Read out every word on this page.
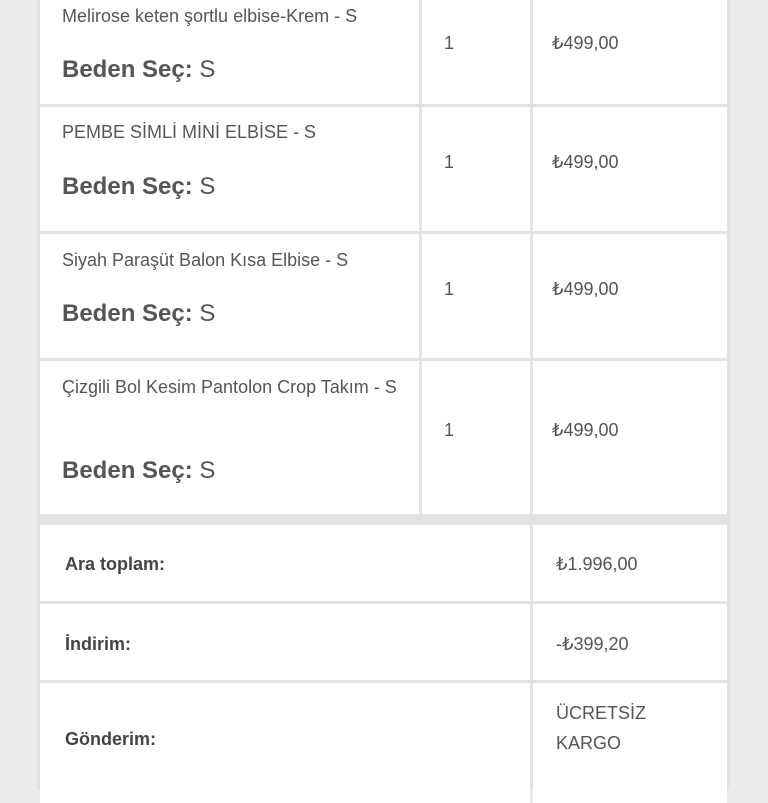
Melirose keten şortlu elbise-Krem - S
Beden Seç: S
1	₺499,00
PEMBE SİMLİ MİNİ ELBİSE - S
Beden Seç: S
1	₺499,00
Siyah Paraşüt Balon Kısa Elbise - S
Beden Seç: S
1	₺499,00
Çizgili Bol Kesim Pantolon Crop Takım - S
Beden Seç: S
1	₺499,00
Ara toplam:	₺1.996,00
İndirim:	-₺399,20
Gönderim:
ÜCRETSİZ KARGO
